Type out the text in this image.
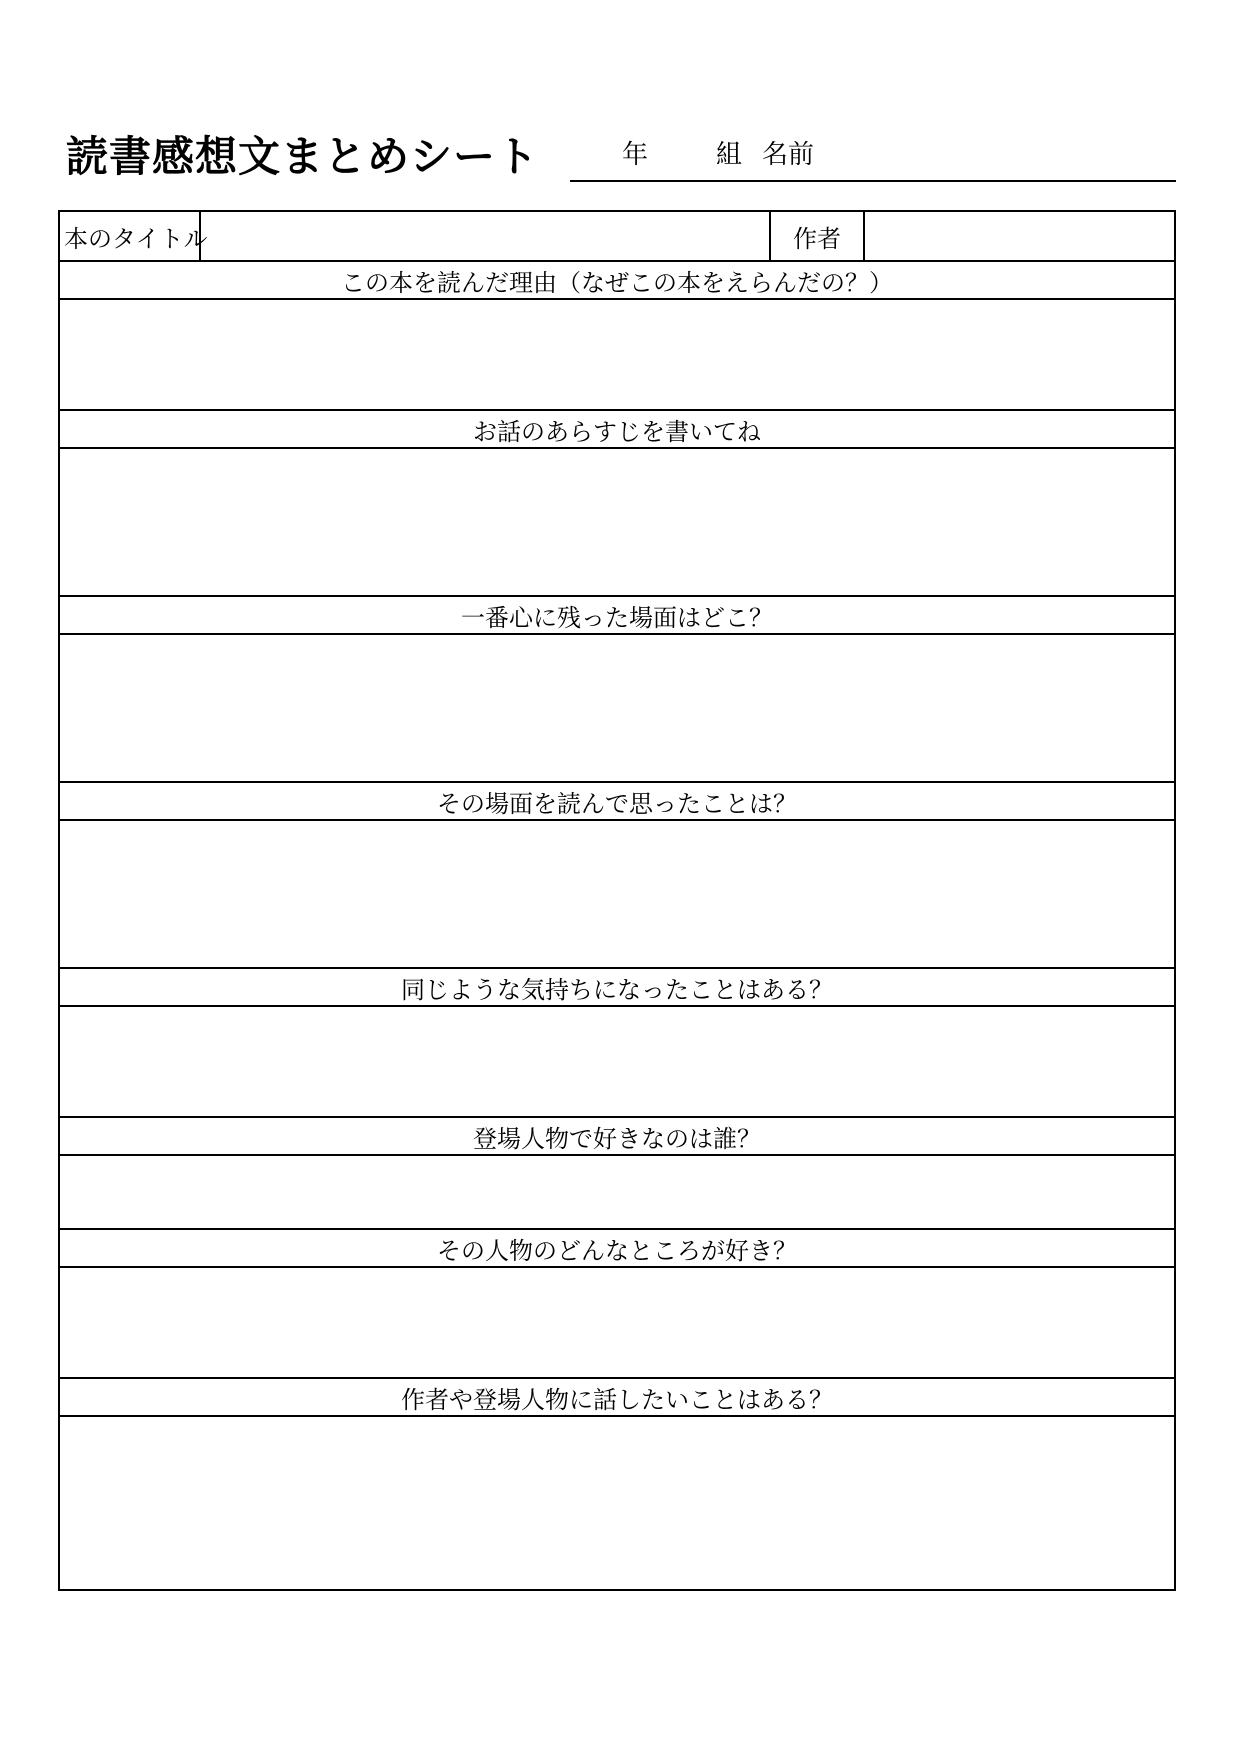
読書感想文まとめシート	年	組 名前
本のタイトル	作者
この本を読んだ理由（なぜこの本をえらんだの？）
お話のあらすじを書いてね
一番心に残った場面はどこ？
その場面を読んで思ったことは？
同じような気持ちになったことはある？
登場人物で好きなのは誰？
その人物のどんなところが好き？
作者や登場人物に話したいことはある？
